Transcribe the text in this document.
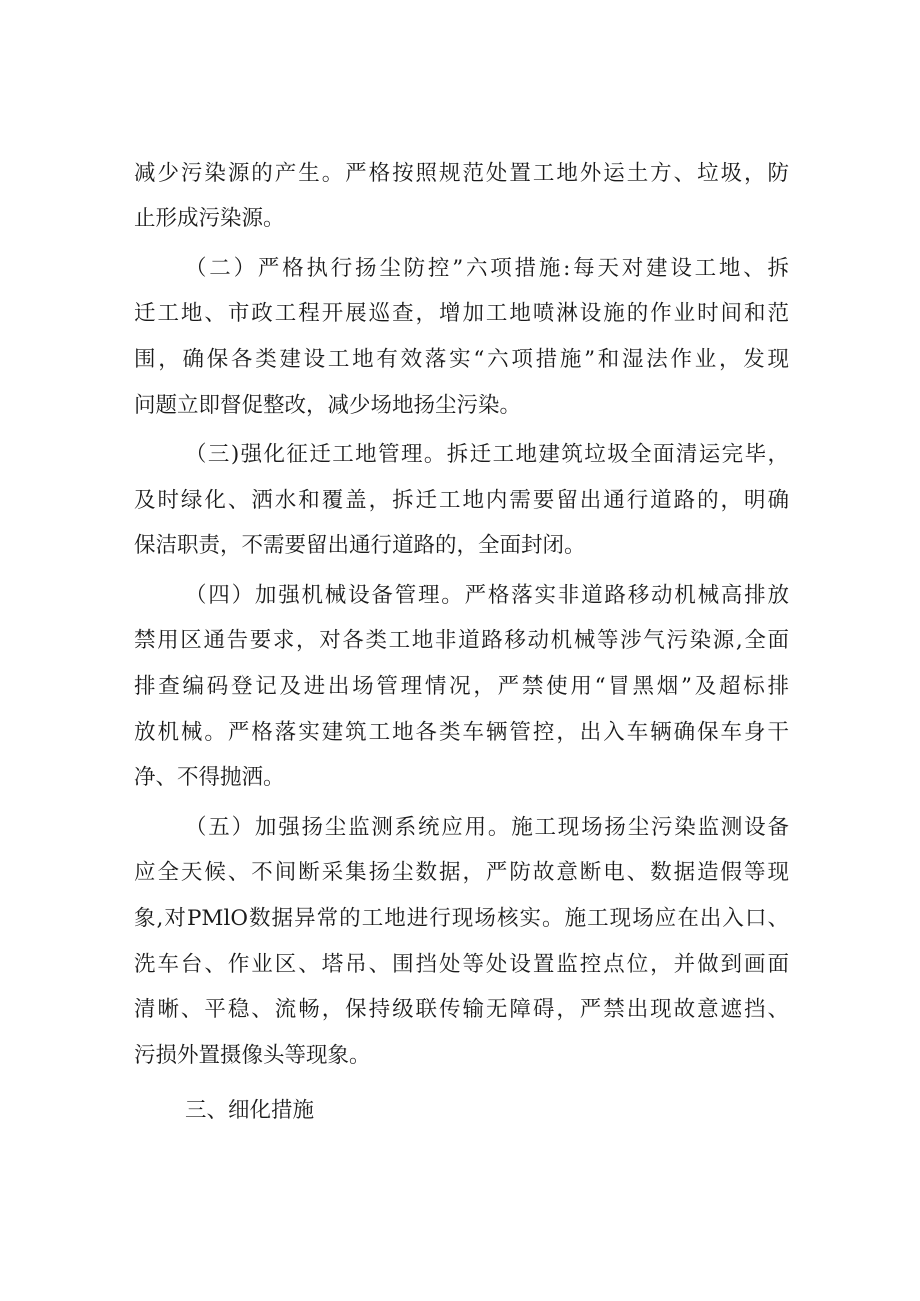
减少污染源的产生。严格按照规范处置工地外运土方、垃圾，防
止形成污染源。
（二）严格执行扬尘防控”六项措施:每天对建设工地、拆
迁工地、市政工程开展巡查，增加工地喷淋设施的作业时间和范
围，确保各类建设工地有效落实“六项措施”和湿法作业，发现
问题立即督促整改，减少场地扬尘污染。
（三)强化征迁工地管理。拆迁工地建筑垃圾全面清运完毕，
及时绿化、洒水和覆盖，拆迁工地内需要留出通行道路的，明确
保洁职责，不需要留出通行道路的，全面封闭。
（四）加强机械设备管理。严格落实非道路移动机械高排放
禁用区通告要求，对各类工地非道路移动机械等涉气污染源,全面
排查编码登记及进出场管理情况，严禁使用“冒黑烟”及超标排
放机械。严格落实建筑工地各类车辆管控，出入车辆确保车身干
净、不得抛洒。
（五）加强扬尘监测系统应用。施工现场扬尘污染监测设备
应全天候、不间断采集扬尘数据，严防故意断电、数据造假等现
象,对PMlO数据异常的工地进行现场核实。施工现场应在出入口、
洗车台、作业区、塔吊、围挡处等处设置监控点位，并做到画面
清晰、平稳、流畅，保持级联传输无障碍，严禁出现故意遮挡、
污损外置摄像头等现象。
三、细化措施
